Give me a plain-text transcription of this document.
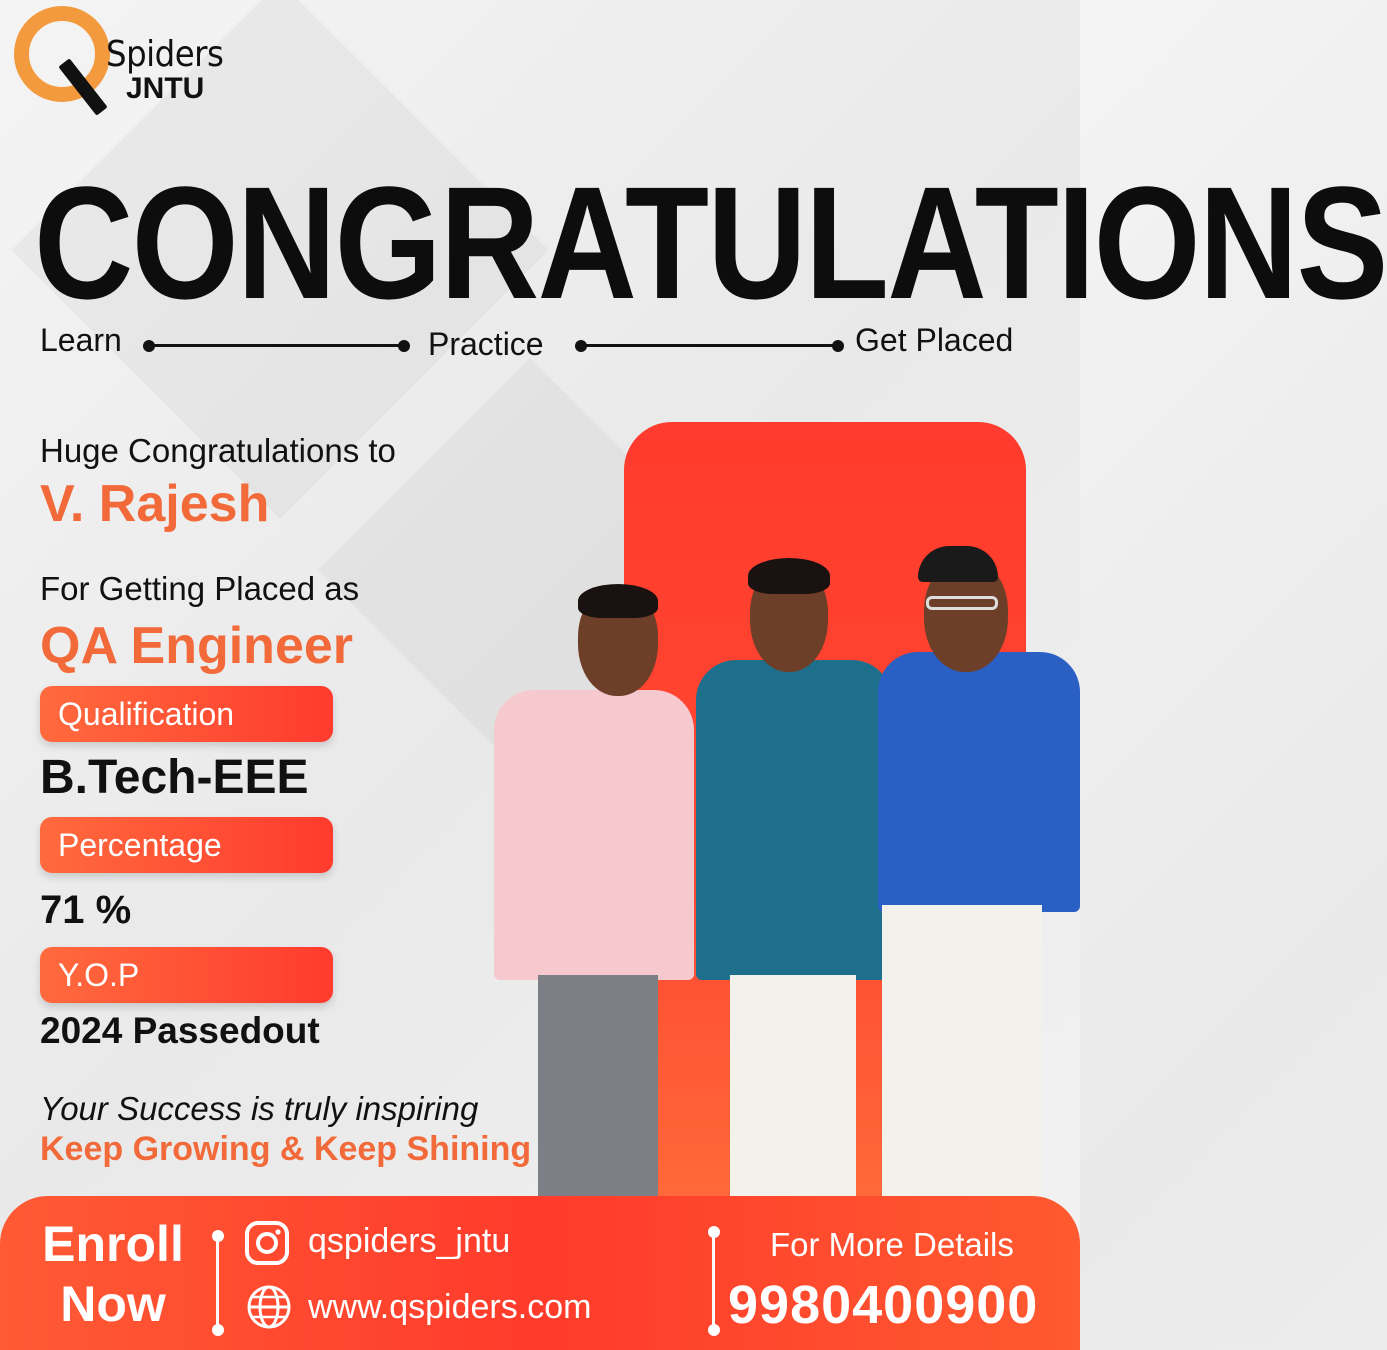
Spiders
JNTU
CONGRATULATIONS
Learn	Practice	Get Placed
Huge Congratulations to
V. Rajesh
For Getting Placed as
QA Engineer
Qualification
B.Tech-EEE
Percentage
71 %
Y.O.P
2024 Passedout
Your Success is truly inspiring
Keep Growing & Keep Shining
Enroll
Now
qspiders_jntu
www.qspiders.com
For More Details
9980400900
